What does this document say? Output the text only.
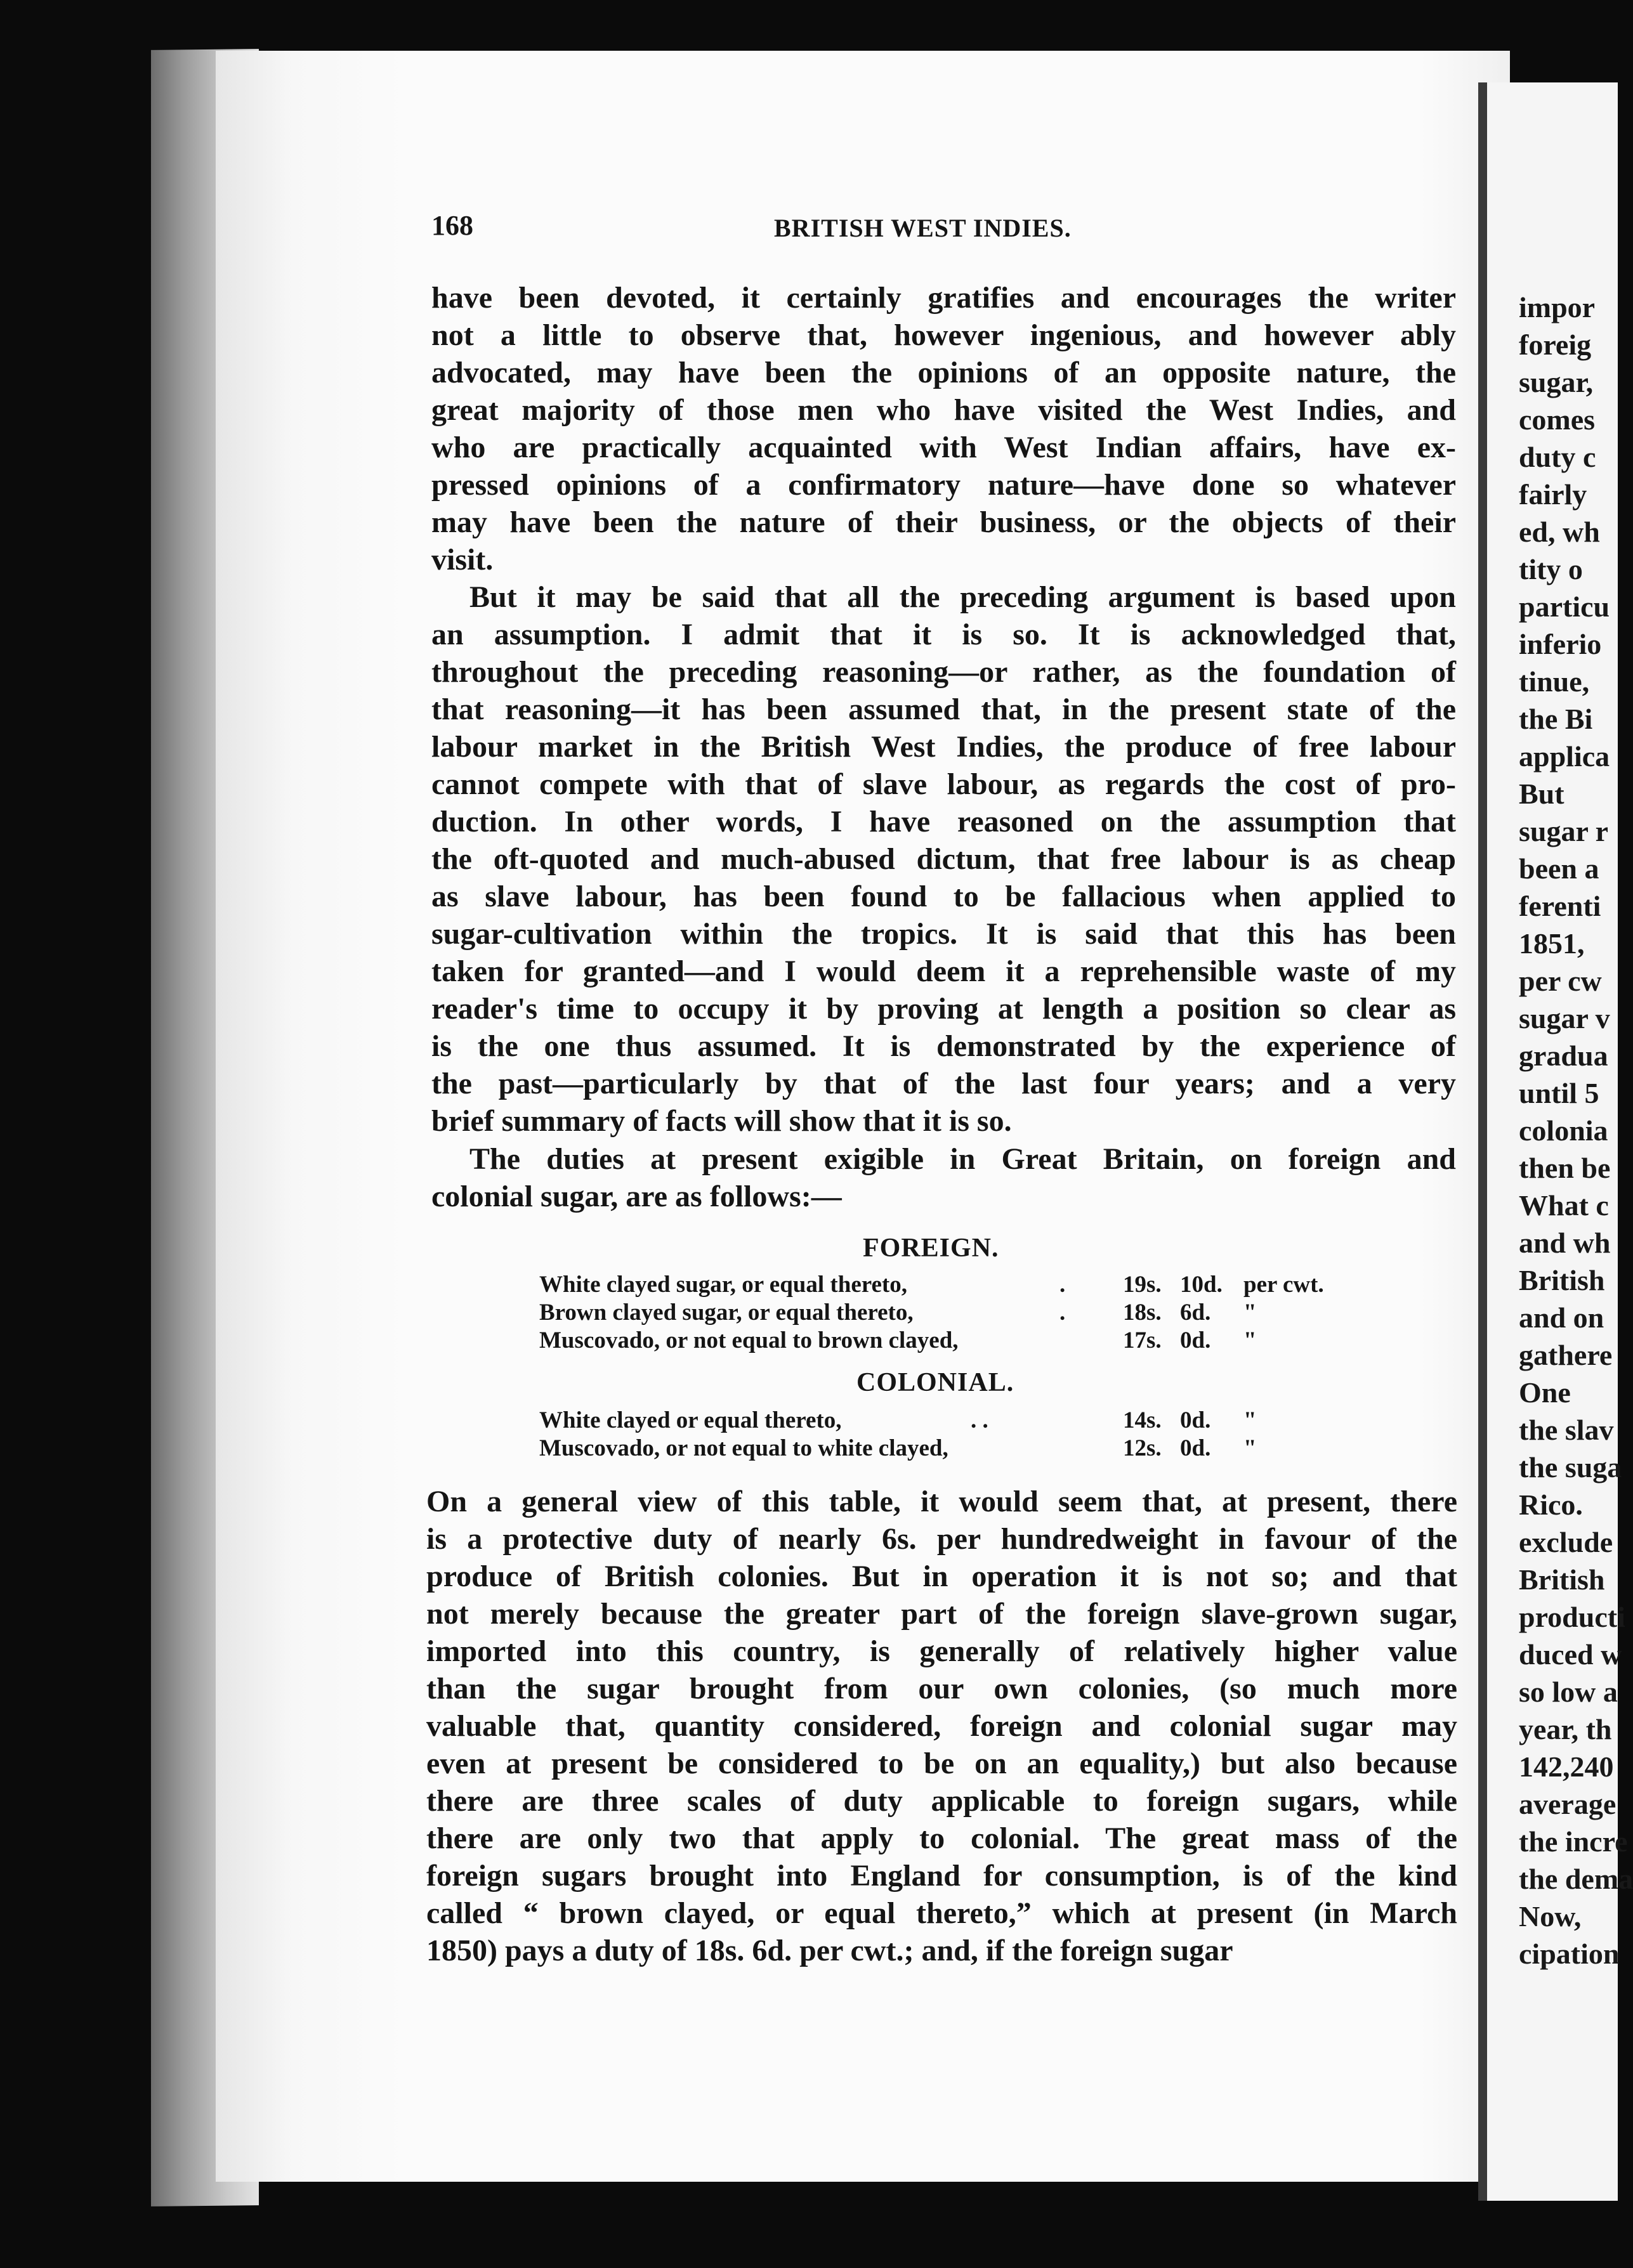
impor
foreig
sugar,
comes
duty c
fairly
ed, wh
tity o
particu
inferio
tinue,
the Bi
applica
But
sugar r
been a
ferenti
1851,
per cw
sugar v
gradua
until 5
colonia
then be
What c
and wh
British
and on
gathere
One
the slav
the suga
Rico.
exclude
British
producti
duced w
so low a
year, th
142,240
average
the incre
the dema
Now,
cipation
168	BRITISH WEST INDIES.
have been devoted, it certainly gratifies and encourages the writer
not a little to observe that, however ingenious, and however ably
advocated, may have been the opinions of an opposite nature, the
great majority of those men who have visited the West Indies, and
who are practically acquainted with West Indian affairs, have ex-
pressed opinions of a confirmatory nature—have done so whatever
may have been the nature of their business, or the objects of their
visit.
But it may be said that all the preceding argument is based upon
an assumption. I admit that it is so. It is acknowledged that,
throughout the preceding reasoning—or rather, as the foundation of
that reasoning—it has been assumed that, in the present state of the
labour market in the British West Indies, the produce of free labour
cannot compete with that of slave labour, as regards the cost of pro-
duction. In other words, I have reasoned on the assumption that
the oft-quoted and much-abused dictum, that free labour is as cheap
as slave labour, has been found to be fallacious when applied to
sugar-cultivation within the tropics. It is said that this has been
taken for granted—and I would deem it a reprehensible waste of my
reader's time to occupy it by proving at length a position so clear as
is the one thus assumed. It is demonstrated by the experience of
the past—particularly by that of the last four years; and a very
brief summary of facts will show that it is so.
The duties at present exigible in Great Britain, on foreign and
colonial sugar, are as follows:—
FOREIGN.
White clayed sugar, or equal thereto,	. 19s. 10d. per cwt.
Brown clayed sugar, or equal thereto,	. 18s. 6d. "
Muscovado, or not equal to brown clayed,	17s. 0d. "
COLONIAL.
White clayed or equal thereto,	. .	14s. 0d. "
Muscovado, or not equal to white clayed,	12s. 0d. "
On a general view of this table, it would seem that, at present, there
is a protective duty of nearly 6s. per hundredweight in favour of the
produce of British colonies. But in operation it is not so; and that
not merely because the greater part of the foreign slave-grown sugar,
imported into this country, is generally of relatively higher value
than the sugar brought from our own colonies, (so much more
valuable that, quantity considered, foreign and colonial sugar may
even at present be considered to be on an equality,) but also because
there are three scales of duty applicable to foreign sugars, while
there are only two that apply to colonial. The great mass of the
foreign sugars brought into England for consumption, is of the kind
called “ brown clayed, or equal thereto,” which at present (in March
1850) pays a duty of 18s. 6d. per cwt.; and, if the foreign sugar
